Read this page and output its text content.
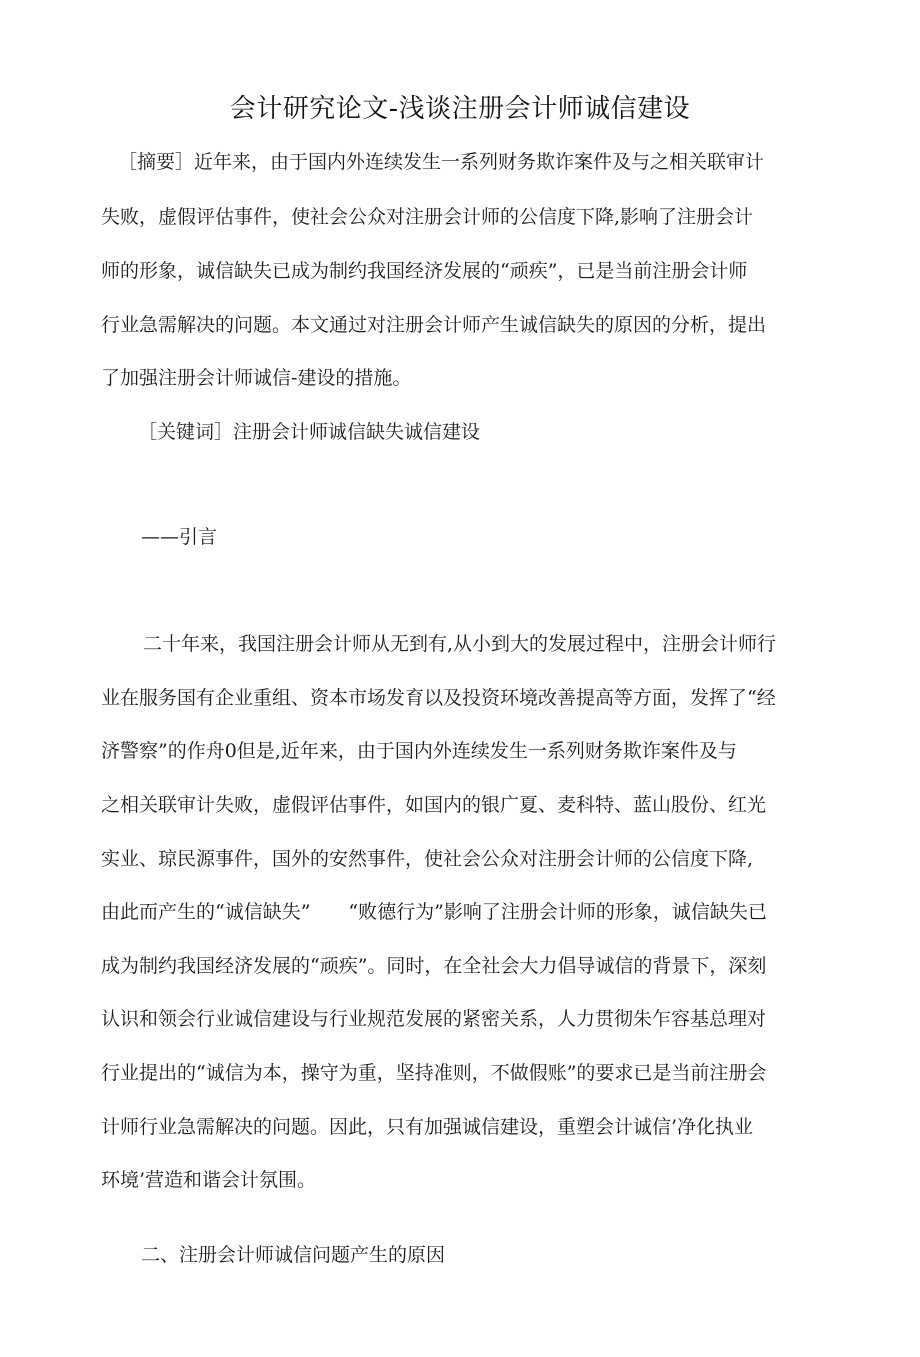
会计研究论文-浅谈注册会计师诚信建设

［摘要］近年来，由于国内外连续发生一系列财务欺诈案件及与之相关联审计

失败，虚假评估事件，使社会公众对注册会计师的公信度下降,影响了注册会计

师的形象，诚信缺失已成为制约我国经济发展的“顽疾”，已是当前注册会计师

行业急需解决的问题。本文通过对注册会计师产生诚信缺失的原因的分析，提出

了加强注册会计师诚信-建设的措施。

［关键词］注册会计师诚信缺失诚信建设

——引言

二十年来，我国注册会计师从无到有,从小到大的发展过程中，注册会计师行

业在服务国有企业重组、资本市场发育以及投资环境改善提高等方面，发挥了“经

济警察”的作舟0但是,近年来，由于国内外连续发生一系列财务欺诈案件及与

之相关联审计失败，虚假评估事件，如国内的银广夏、麦科特、蓝山股份、红光

实业、琼民源事件，国外的安然事件，使社会公众对注册会计师的公信度下降,

由此而产生的“诚信缺失”　　“败德行为”影响了注册会计师的形象，诚信缺失已

成为制约我国经济发展的“顽疾”。同时，在全社会大力倡导诚信的背景下，深刻

认识和领会行业诚信建设与行业规范发展的紧密关系，人力贯彻朱乍容基总理对

行业提出的“诚信为本，操守为重，坚持准则，不做假账”的要求已是当前注册会

计师行业急需解决的问题。因此，只有加强诚信建设，重塑会计诚信’净化执业

环境’营造和谐会计氛围。

二、注册会计师诚信问题产生的原因
